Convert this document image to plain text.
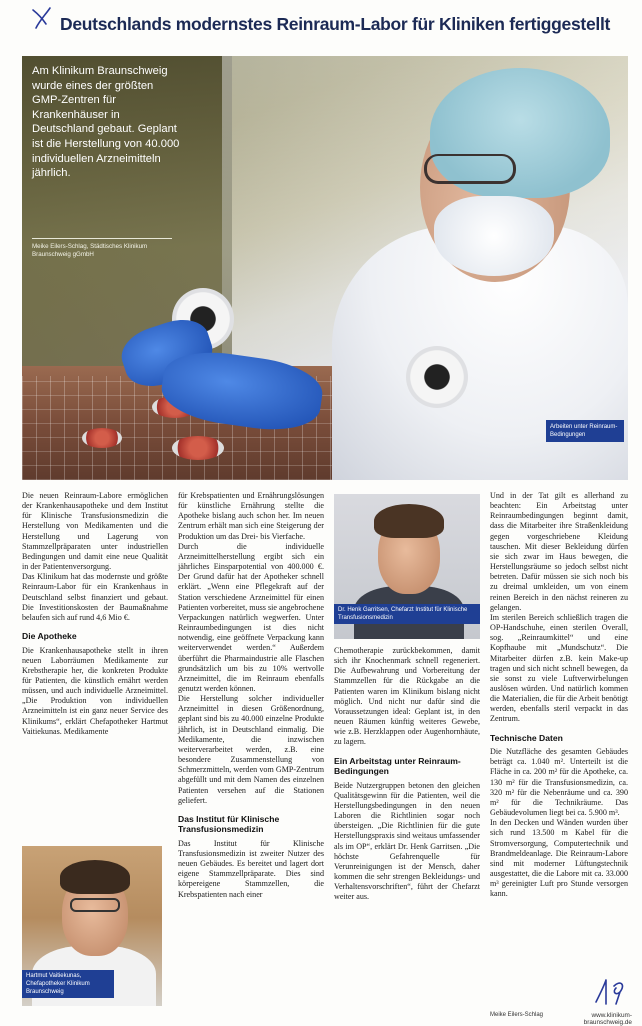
Deutschlands modernstes Reinraum-Labor für Kliniken fertiggestellt

Am Klinikum Braunschweig wurde eines der größten GMP-Zentren für Krankenhäuser in Deutschland gebaut. Geplant ist die Herstellung von 40.000 individuellen Arzneimitteln jährlich.

Meike Eilers-Schlag, Städtisches Klinikum Braunschweig gGmbH

Arbeiten unter Reinraum-Bedingungen

Die neuen Reinraum-Labore ermöglichen der Krankenhausapotheke und dem Institut für Klinische Transfusionsmedizin die Herstellung von Medikamenten und die Herstellung und Lagerung von Stammzellpräparaten unter industriellen Bedingungen und damit eine neue Qualität in der Patientenversorgung.

Das Klinikum hat das modernste und größte Reinraum-Labor für ein Krankenhaus in Deutschland selbst finanziert und gebaut. Die Investitionskosten der Baumaßnahme belaufen sich auf rund 4,6 Mio €.

Die Apotheke

Die Krankenhausapotheke stellt in ihren neuen Laborräumen Medikamente zur Krebstherapie her, die konkreten Produkte für Patienten, die künstlich ernährt werden müssen, und auch individuelle Arzneimittel. „Die Produktion von individuellen Arzneimitteln ist ein ganz neuer Service des Klinikums“, erklärt Chefapotheker Hartmut Vaitiekunas. Medikamente

Hartmut Vaitiekunas, Chefapotheker Klinikum Braunschweig

für Krebspatienten und Ernährungslösungen für künstliche Ernährung stellte die Apotheke bislang auch schon her. Im neuen Zentrum erhält man sich eine Steigerung der Produktion um das Drei- bis Vierfache.

Durch die individuelle Arzneimittelherstellung ergibt sich ein jährliches Einsparpotential von 400.000 €. Der Grund dafür hat der Apotheker schnell erklärt. „Wenn eine Pflegekraft auf der Station verschiedene Arzneimittel für einen Patienten vorbereitet, muss sie angebrochene Verpackungen natürlich wegwerfen. Unter Reinraumbedingungen ist dies nicht notwendig, eine geöffnete Verpackung kann weiterverwendet werden.“ Außerdem überführt die Pharmaindustrie alle Flaschen grundsätzlich um bis zu 10% wertvolle Arzneimittel, die im Reinraum ebenfalls genutzt werden können.

Die Herstellung solcher individueller Arzneimittel in diesen Größenordnung, geplant sind bis zu 40.000 einzelne Produkte jährlich, ist in Deutschland einmalig. Die Medikamente, die inzwischen weiterverarbeitet werden, z.B. eine besondere Zusammenstellung von Schmerzmitteln, werden vom GMP-Zentrum abgefüllt und mit dem Namen des einzelnen Patienten versehen auf die Stationen geliefert.

Das Institut für Klinische Transfusionsmedizin

Das Institut für Klinische Transfusionsmedizin ist zweiter Nutzer des neuen Gebäudes. Es bereitet und lagert dort eigene Stammzellpräparate. Dies sind körpereigene Stammzellen, die Krebspatienten nach einer

Dr. Henk Garritsen, Chefarzt Institut für Klinische Transfusionsmedizin

Chemotherapie zurückbekommen, damit sich ihr Knochenmark schnell regeneriert. Die Aufbewahrung und Vorbereitung der Stammzellen für die Rückgabe an die Patienten waren im Klinikum bislang nicht möglich. Und nicht nur dafür sind die Voraussetzungen ideal: Geplant ist, in den neuen Räumen künftig weiteres Gewebe, wie z.B. Herzklappen oder Augenhornhäute, zu lagern.

Ein Arbeitstag unter Reinraum-Bedingungen

Beide Nutzergruppen betonen den gleichen Qualitätsgewinn für die Patienten, weil die Herstellungsbedingungen in den neuen Laboren die Richtlinien sogar noch übersteigen. „Die Richtlinien für die gute Herstellungspraxis sind weitaus umfassender als im OP“, erklärt Dr. Henk Garritsen. „Die höchste Gefahrenquelle für Verunreinigungen ist der Mensch, daher kommen die sehr strengen Bekleidungs- und Verhaltensvorschriften“, führt der Chefarzt weiter aus.

Und in der Tat gilt es allerhand zu beachten: Ein Arbeitstag unter Reinraumbedingungen beginnt damit, dass die Mitarbeiter ihre Straßenkleidung gegen vorgeschriebene Kleidung tauschen. Mit dieser Bekleidung dürfen sie sich zwar im Haus bewegen, die Herstellungsräume so jedoch selbst nicht betreten. Dafür müssen sie sich noch bis zu dreimal umkleiden, um von einem reinen Bereich in den nächst reineren zu gelangen.

Im sterilen Bereich schließlich tragen die OP-Handschuhe, einen sterilen Overall, sog. „Reinraumkittel“ und eine Kopfhaube mit „Mundschutz“. Die Mitarbeiter dürfen z.B. kein Make-up tragen und sich nicht schnell bewegen, da sie sonst zu viele Luftverwirbelungen auslösen würden. Und natürlich kommen die Materialien, die für die Arbeit benötigt werden, ebenfalls steril verpackt in das Zentrum.

Technische Daten

Die Nutzfläche des gesamten Gebäudes beträgt ca. 1.040 m². Unterteilt ist die Fläche in ca. 200 m² für die Apotheke, ca. 130 m² für die Transfusionsmedizin, ca. 320 m² für die Nebenräume und ca. 390 m² für die Technikräume. Das Gebäudevolumen liegt bei ca. 5.900 m³.

In den Decken und Wänden wurden über sich rund 13.500 m Kabel für die Stromversorgung, Computertechnik und Brandmeldeanlage. Die Reinraum-Labore sind mit moderner Lüftungstechnik ausgestattet, die die Labore mit ca. 33.000 m³ gereinigter Luft pro Stunde versorgen kann.

Meike Eilers-Schlag	www.klinikum-braunschweig.de
